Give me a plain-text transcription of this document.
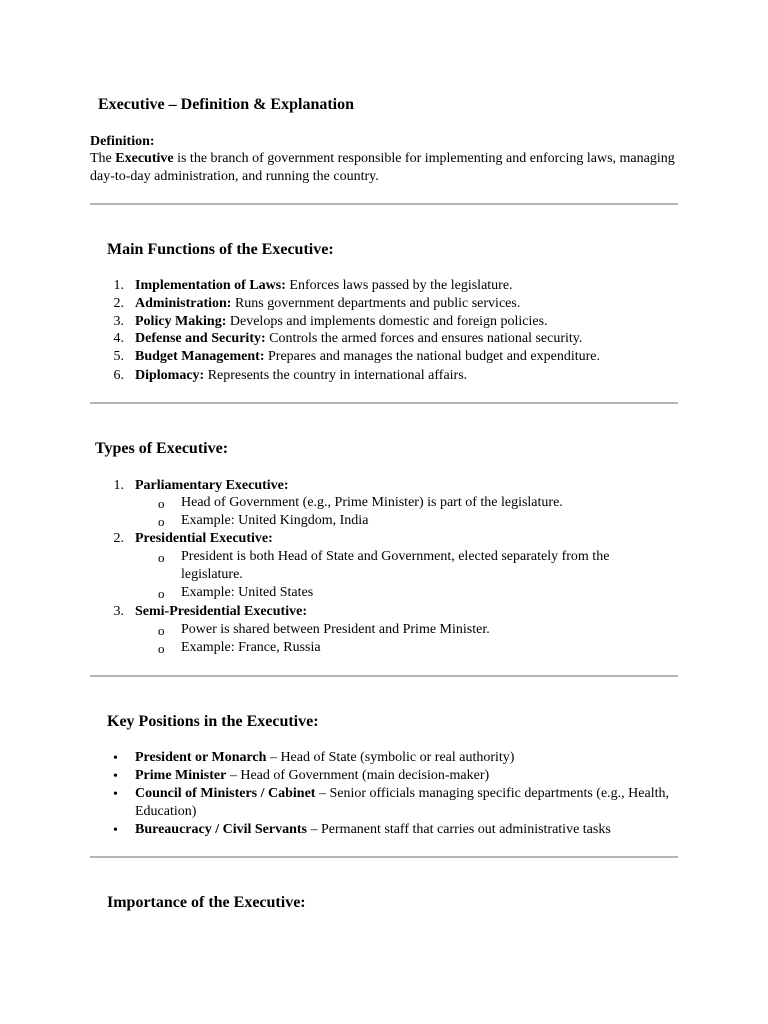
Executive – Definition & Explanation
Definition:
The Executive is the branch of government responsible for implementing and enforcing laws, managing day-to-day administration, and running the country.
Main Functions of the Executive:
1. Implementation of Laws: Enforces laws passed by the legislature.
2. Administration: Runs government departments and public services.
3. Policy Making: Develops and implements domestic and foreign policies.
4. Defense and Security: Controls the armed forces and ensures national security.
5. Budget Management: Prepares and manages the national budget and expenditure.
6. Diplomacy: Represents the country in international affairs.
Types of Executive:
1. Parliamentary Executive:
o	Head of Government (e.g., Prime Minister) is part of the legislature.
o	Example: United Kingdom, India
2. Presidential Executive:
o	President is both Head of State and Government, elected separately from the legislature.
o	Example: United States
3. Semi-Presidential Executive:
o	Power is shared between President and Prime Minister.
o	Example: France, Russia
Key Positions in the Executive:
•	President or Monarch – Head of State (symbolic or real authority)
•	Prime Minister – Head of Government (main decision-maker)
•	Council of Ministers / Cabinet – Senior officials managing specific departments (e.g., Health, Education)
•	Bureaucracy / Civil Servants – Permanent staff that carries out administrative tasks
Importance of the Executive:
